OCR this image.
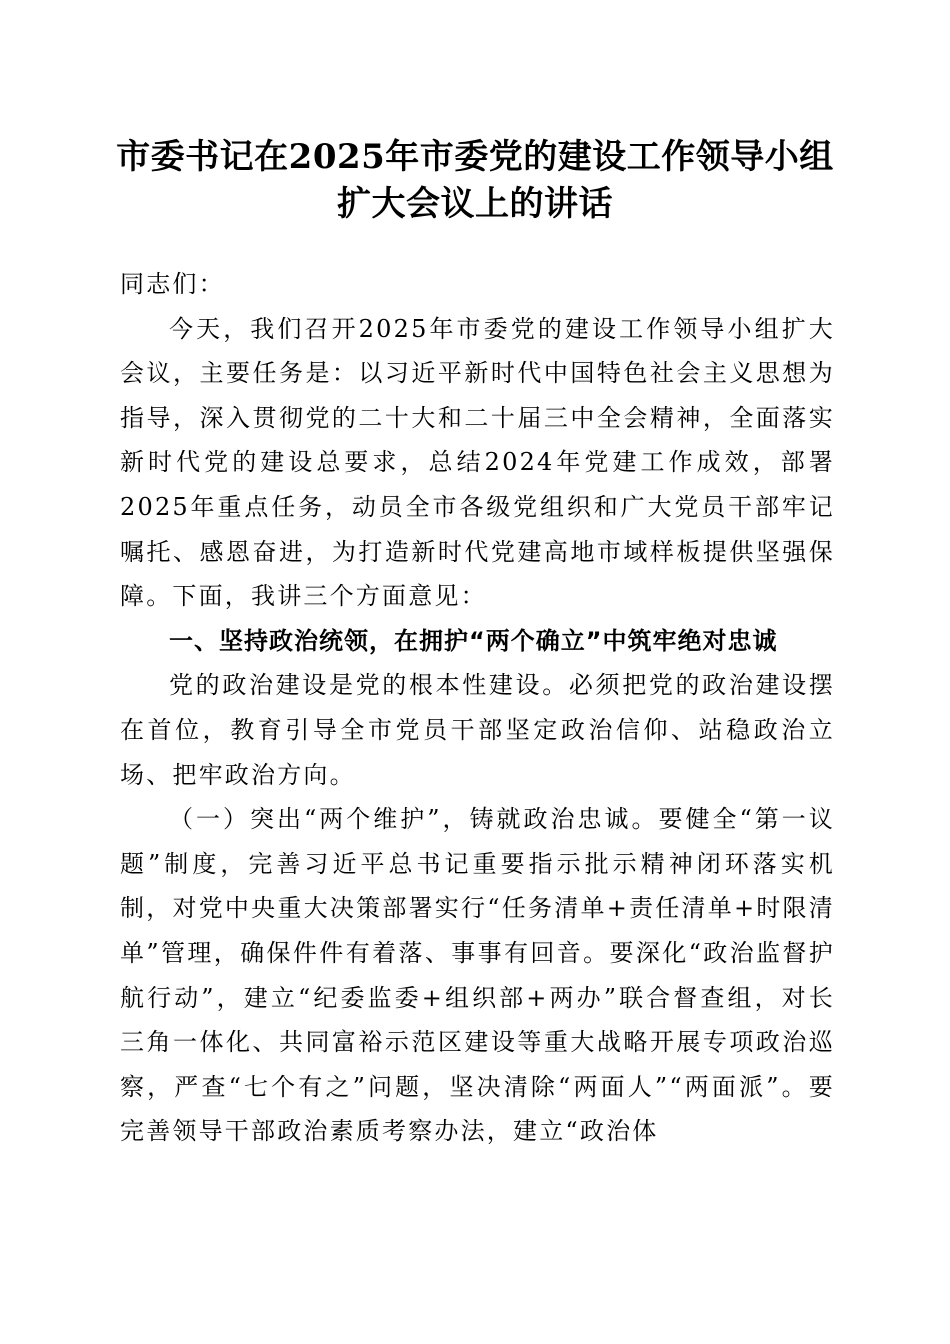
市委书记在2025年市委党的建设工作领导小组扩大会议上的讲话

同志们：

今天，我们召开2025年市委党的建设工作领导小组扩大会议，主要任务是：以习近平新时代中国特色社会主义思想为指导，深入贯彻党的二十大和二十届三中全会精神，全面落实新时代党的建设总要求，总结2024年党建工作成效，部署2025年重点任务，动员全市各级党组织和广大党员干部牢记嘱托、感恩奋进，为打造新时代党建高地市域样板提供坚强保障。下面，我讲三个方面意见：

一、坚持政治统领，在拥护“两个确立”中筑牢绝对忠诚

党的政治建设是党的根本性建设。必须把党的政治建设摆在首位，教育引导全市党员干部坚定政治信仰、站稳政治立场、把牢政治方向。

（一）突出“两个维护”，铸就政治忠诚。要健全“第一议题”制度，完善习近平总书记重要指示批示精神闭环落实机制，对党中央重大决策部署实行“任务清单+责任清单+时限清单”管理，确保件件有着落、事事有回音。要深化“政治监督护航行动”，建立“纪委监委+组织部+两办”联合督查组，对长三角一体化、共同富裕示范区建设等重大战略开展专项政治巡察，严查“七个有之”问题，坚决清除“两面人”“两面派”。要完善领导干部政治素质考察办法，建立“政治体
